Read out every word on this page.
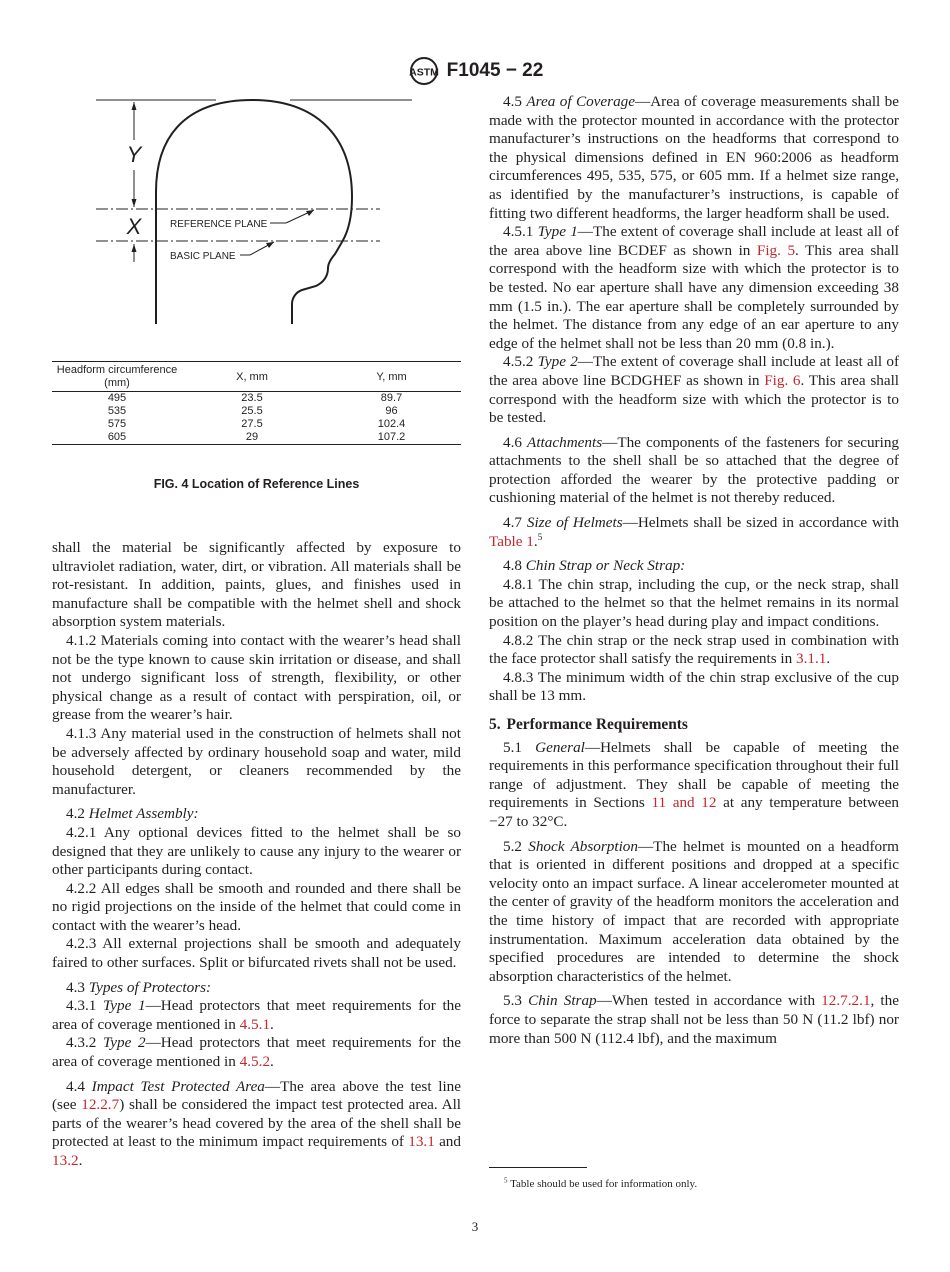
ASTM F1045 − 22
Y
X	REFERENCE PLANE
BASIC PLANE
Headform circumference (mm)	X, mm	Y, mm
495	23.5	89.7
535	25.5	96
575	27.5	102.4
605	29	107.2
FIG. 4 Location of Reference Lines

shall the material be significantly affected by exposure to ultraviolet radiation, water, dirt, or vibration. All materials shall be rot-resistant. In addition, paints, glues, and finishes used in manufacture shall be compatible with the helmet shell and shock absorption system materials.

4.1.2 Materials coming into contact with the wearer’s head shall not be the type known to cause skin irritation or disease, and shall not undergo significant loss of strength, flexibility, or other physical change as a result of contact with perspiration, oil, or grease from the wearer’s hair.

4.1.3 Any material used in the construction of helmets shall not be adversely affected by ordinary household soap and water, mild household detergent, or cleaners recommended by the manufacturer.

4.2 Helmet Assembly:

4.2.1 Any optional devices fitted to the helmet shall be so designed that they are unlikely to cause any injury to the wearer or other participants during contact.

4.2.2 All edges shall be smooth and rounded and there shall be no rigid projections on the inside of the helmet that could come in contact with the wearer’s head.

4.2.3 All external projections shall be smooth and adequately faired to other surfaces. Split or bifurcated rivets shall not be used.

4.3 Types of Protectors:

4.3.1 Type 1—Head protectors that meet requirements for the area of coverage mentioned in 4.5.1.

4.3.2 Type 2—Head protectors that meet requirements for the area of coverage mentioned in 4.5.2.

4.4 Impact Test Protected Area—The area above the test line (see 12.2.7) shall be considered the impact test protected area. All parts of the wearer’s head covered by the area of the shell shall be protected at least to the minimum impact requirements of 13.1 and 13.2.

4.5 Area of Coverage—Area of coverage measurements shall be made with the protector mounted in accordance with the protector manufacturer’s instructions on the headforms that correspond to the physical dimensions defined in EN 960:2006 as headform circumferences 495, 535, 575, or 605 mm. If a helmet size range, as identified by the manufacturer’s instructions, is capable of fitting two different headforms, the larger headform shall be used.

4.5.1 Type 1—The extent of coverage shall include at least all of the area above line BCDEF as shown in Fig. 5. This area shall correspond with the headform size with which the protector is to be tested. No ear aperture shall have any dimension exceeding 38 mm (1.5 in.). The ear aperture shall be completely surrounded by the helmet. The distance from any edge of an ear aperture to any edge of the helmet shall not be less than 20 mm (0.8 in.).

4.5.2 Type 2—The extent of coverage shall include at least all of the area above line BCDGHEF as shown in Fig. 6. This area shall correspond with the headform size with which the protector is to be tested.

4.6 Attachments—The components of the fasteners for securing attachments to the shell shall be so attached that the degree of protection afforded the wearer by the protective padding or cushioning material of the helmet is not thereby reduced.

4.7 Size of Helmets—Helmets shall be sized in accordance with Table 1.$^5$

4.8 Chin Strap or Neck Strap:

4.8.1 The chin strap, including the cup, or the neck strap, shall be attached to the helmet so that the helmet remains in its normal position on the player’s head during play and impact conditions.

4.8.2 The chin strap or the neck strap used in combination with the face protector shall satisfy the requirements in 3.1.1.

4.8.3 The minimum width of the chin strap exclusive of the cup shall be 13 mm.

5. Performance Requirements

5.1 General—Helmets shall be capable of meeting the requirements in this performance specification throughout their full range of adjustment. They shall be capable of meeting the requirements in Sections 11 and 12 at any temperature between −27 to 32°C.

5.2 Shock Absorption—The helmet is mounted on a headform that is oriented in different positions and dropped at a specific velocity onto an impact surface. A linear accelerometer mounted at the center of gravity of the headform monitors the acceleration and the time history of impact that are recorded with appropriate instrumentation. Maximum acceleration data obtained by the specified procedures are intended to determine the shock absorption characteristics of the helmet.

5.3 Chin Strap—When tested in accordance with 12.7.2.1, the force to separate the strap shall not be less than 50 N (11.2 lbf) nor more than 500 N (112.4 lbf), and the maximum

$^5$ Table should be used for information only.
3
